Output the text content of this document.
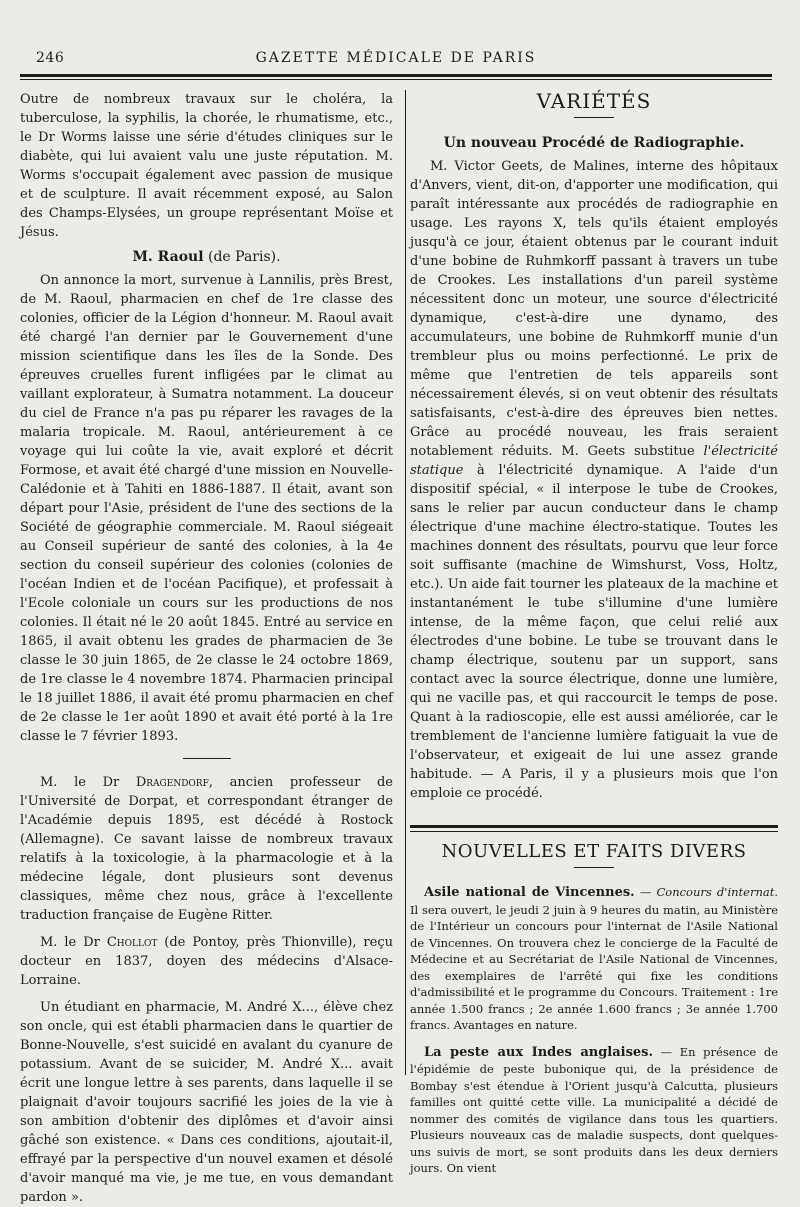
246	GAZETTE MÉDICALE DE PARIS

Outre de nombreux travaux sur le choléra, la tuberculose, la syphilis, la chorée, le rhumatisme, etc., le Dr Worms laisse une série d'études cliniques sur le diabète, qui lui avaient valu une juste réputation. M. Worms s'occupait également avec passion de musique et de sculpture. Il avait récemment exposé, au Salon des Champs-Elysées, un groupe représentant Moïse et Jésus.

M. Raoul (de Paris).

On annonce la mort, survenue à Lannilis, près Brest, de M. Raoul, pharmacien en chef de 1re classe des colonies, officier de la Légion d'honneur. M. Raoul avait été chargé l'an dernier par le Gouvernement d'une mission scientifique dans les îles de la Sonde. Des épreuves cruelles furent infligées par le climat au vaillant explorateur, à Sumatra notamment. La douceur du ciel de France n'a pas pu réparer les ravages de la malaria tropicale. M. Raoul, antérieurement à ce voyage qui lui coûte la vie, avait exploré et décrit Formose, et avait été chargé d'une mission en Nouvelle-Calédonie et à Tahiti en 1886-1887. Il était, avant son départ pour l'Asie, président de l'une des sections de la Société de géographie commerciale. M. Raoul siégeait au Conseil supérieur de santé des colonies, à la 4e section du conseil supérieur des colonies (colonies de l'océan Indien et de l'océan Pacifique), et professait à l'Ecole coloniale un cours sur les productions de nos colonies. Il était né le 20 août 1845. Entré au service en 1865, il avait obtenu les grades de pharmacien de 3e classe le 30 juin 1865, de 2e classe le 24 octobre 1869, de 1re classe le 4 novembre 1874. Pharmacien principal le 18 juillet 1886, il avait été promu pharmacien en chef de 2e classe le 1er août 1890 et avait été porté à la 1re classe le 7 février 1893.

M. le Dr Dragendorf, ancien professeur de l'Université de Dorpat, et correspondant étranger de l'Académie depuis 1895, est décédé à Rostock (Allemagne). Ce savant laisse de nombreux travaux relatifs à la toxicologie, à la pharmacologie et à la médecine légale, dont plusieurs sont devenus classiques, même chez nous, grâce à l'excellente traduction française de Eugène Ritter.

M. le Dr Chollot (de Pontoy, près Thionville), reçu docteur en 1837, doyen des médecins d'Alsace-Lorraine.

Un étudiant en pharmacie, M. André X..., élève chez son oncle, qui est établi pharmacien dans le quartier de Bonne-Nouvelle, s'est suicidé en avalant du cyanure de potassium. Avant de se suicider, M. André X... avait écrit une longue lettre à ses parents, dans laquelle il se plaignait d'avoir toujours sacrifié les joies de la vie à son ambition d'obtenir des diplômes et d'avoir ainsi gâché son existence. « Dans ces conditions, ajoutait-il, effrayé par la perspective d'un nouvel examen et désolé d'avoir manqué ma vie, je me tue, en vous demandant pardon ».

VARIÉTÉS
Un nouveau Procédé de Radiographie.

M. Victor Geets, de Malines, interne des hôpitaux d'Anvers, vient, dit-on, d'apporter une modification, qui paraît intéressante aux procédés de radiographie en usage. Les rayons X, tels qu'ils étaient employés jusqu'à ce jour, étaient obtenus par le courant induit d'une bobine de Ruhmkorff passant à travers un tube de Crookes. Les installations d'un pareil système nécessitent donc un moteur, une source d'électricité dynamique, c'est-à-dire une dynamo, des accumulateurs, une bobine de Ruhmkorff munie d'un trembleur plus ou moins perfectionné. Le prix de même que l'entretien de tels appareils sont nécessairement élevés, si on veut obtenir des résultats satisfaisants, c'est-à-dire des épreuves bien nettes. Grâce au procédé nouveau, les frais seraient notablement réduits. M. Geets substitue l'électricité statique à l'électricité dynamique. A l'aide d'un dispositif spécial, « il interpose le tube de Crookes, sans le relier par aucun conducteur dans le champ électrique d'une machine électro-statique. Toutes les machines donnent des résultats, pourvu que leur force soit suffisante (machine de Wimshurst, Voss, Holtz, etc.). Un aide fait tourner les plateaux de la machine et instantanément le tube s'illumine d'une lumière intense, de la même façon, que celui relié aux électrodes d'une bobine. Le tube se trouvant dans le champ électrique, soutenu par un support, sans contact avec la source électrique, donne une lumière, qui ne vacille pas, et qui raccourcit le temps de pose. Quant à la radioscopie, elle est aussi améliorée, car le tremblement de l'ancienne lumière fatiguait la vue de l'observateur, et exigeait de lui une assez grande habitude. — A Paris, il y a plusieurs mois que l'on emploie ce procédé.

NOUVELLES ET FAITS DIVERS

Asile national de Vincennes. — Concours d'internat. Il sera ouvert, le jeudi 2 juin à 9 heures du matin, au Ministère de l'Intérieur un concours pour l'internat de l'Asile National de Vincennes. On trouvera chez le concierge de la Faculté de Médecine et au Secrétariat de l'Asile National de Vincennes, des exemplaires de l'arrêté qui fixe les conditions d'admissibilité et le programme du Concours. Traitement : 1re année 1.500 francs ; 2e année 1.600 francs ; 3e année 1.700 francs. Avantages en nature.

La peste aux Indes anglaises. — En présence de l'épidémie de peste bubonique qui, de la présidence de Bombay s'est étendue à l'Orient jusqu'à Calcutta, plusieurs familles ont quitté cette ville. La municipalité a décidé de nommer des comités de vigilance dans tous les quartiers. Plusieurs nouveaux cas de maladie suspects, dont quelques-uns suivis de mort, se sont produits dans les deux derniers jours. On vient
